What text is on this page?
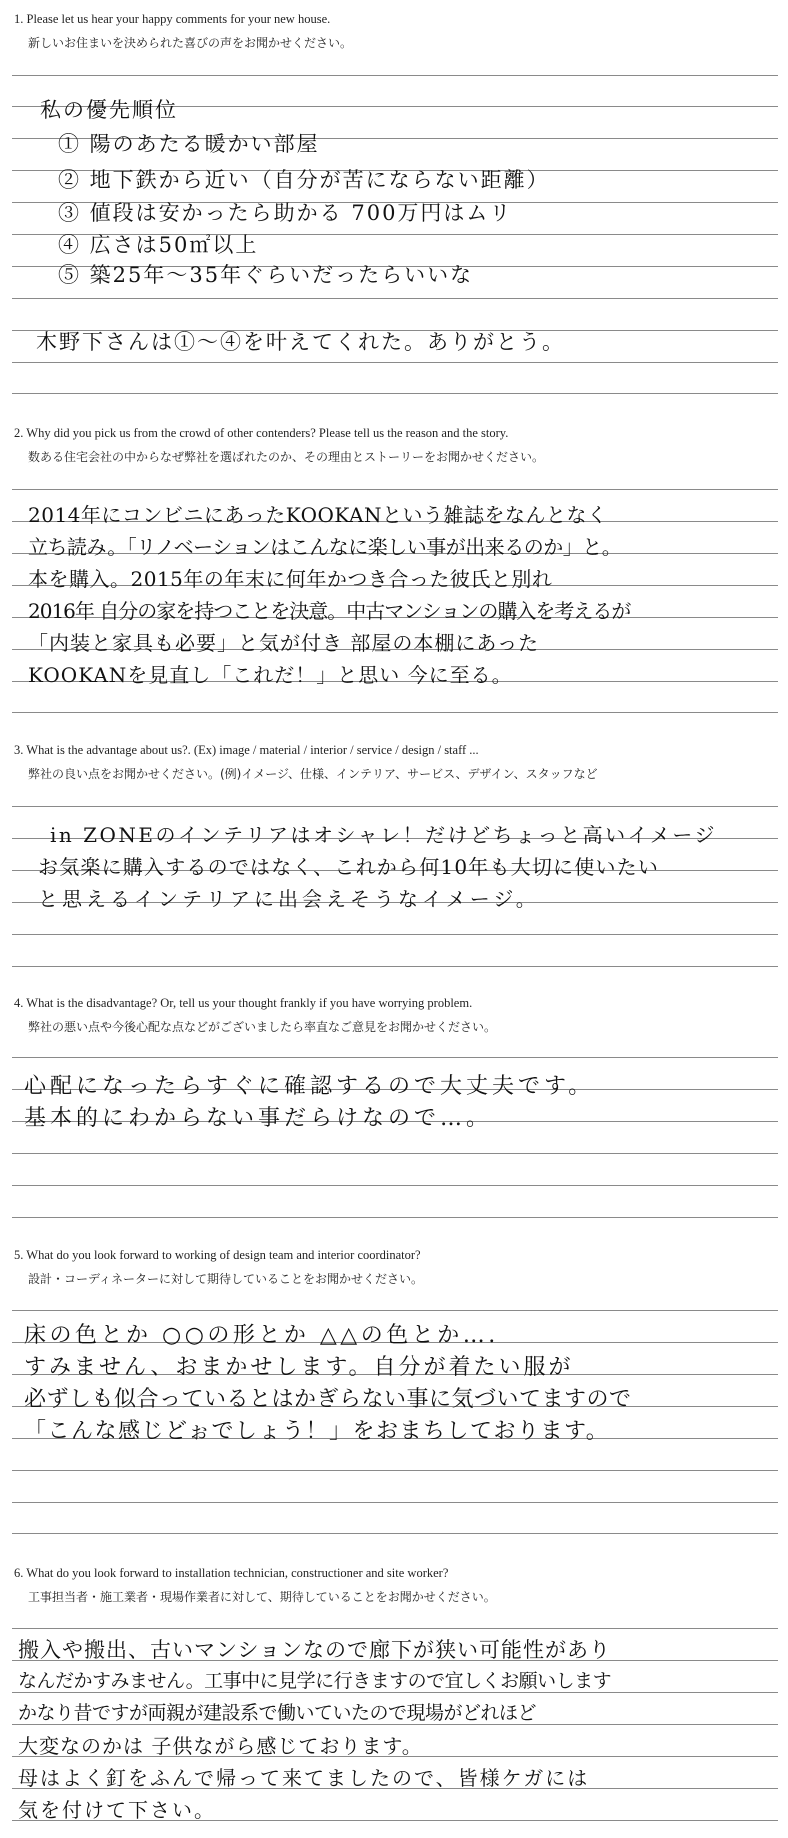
1. Please let us hear your happy comments for your new house.
新しいお住まいを決められた喜びの声をお聞かせください。
私の優先順位
① 陽のあたる暖かい部屋
② 地下鉄から近い（自分が苦にならない距離）
③ 値段は安かったら助かる 700万円はムリ
④ 広さは50㎡以上
⑤ 築25年～35年ぐらいだったらいいな
木野下さんは①～④を叶えてくれた。ありがとう。
2. Why did you pick us from the crowd of other contenders? Please tell us the reason and the story.
数ある住宅会社の中からなぜ弊社を選ばれたのか、その理由とストーリーをお聞かせください。
2014年にコンビニにあったKOOKANという雑誌をなんとなく
立ち読み。「リノベーションはこんなに楽しい事が出来るのか」と。
本を購入。2015年の年末に何年かつき合った彼氏と別れ
2016年 自分の家を持つことを決意。中古マンションの購入を考えるが
「内装と家具も必要」と気が付き 部屋の本棚にあった
KOOKANを見直し「これだ！」と思い 今に至る。
3. What is the advantage about us?. (Ex) image / material / interior / service / design / staff ...
弊社の良い点をお聞かせください。(例)イメージ、仕様、インテリア、サービス、デザイン、スタッフなど
in ZONEのインテリアはオシャレ！だけどちょっと高いイメージ
お気楽に購入するのではなく、これから何10年も大切に使いたい
と思えるインテリアに出会えそうなイメージ。
4. What is the disadvantage? Or, tell us your thought frankly if you have worrying problem.
弊社の悪い点や今後心配な点などがございましたら率直なご意見をお聞かせください。
心配になったらすぐに確認するので大丈夫です。
基本的にわからない事だらけなので…。
5. What do you look forward to working of design team and interior coordinator?
設計・コーディネーターに対して期待していることをお聞かせください。
床の色とか ○○の形とか △△の色とか….
すみません、おまかせします。自分が着たい服が
必ずしも似合っているとはかぎらない事に気づいてますので
「こんな感じどぉでしょう！」をおまちしております。
6. What do you look forward to installation technician, constructioner and site worker?
工事担当者・施工業者・現場作業者に対して、期待していることをお聞かせください。
搬入や搬出、古いマンションなので廊下が狭い可能性があり
なんだかすみません。工事中に見学に行きますので宜しくお願いします
かなり昔ですが両親が建設系で働いていたので現場がどれほど
大変なのかは 子供ながら感じております。
母はよく釘をふんで帰って来てましたので、皆様ケガには
気を付けて下さい。
